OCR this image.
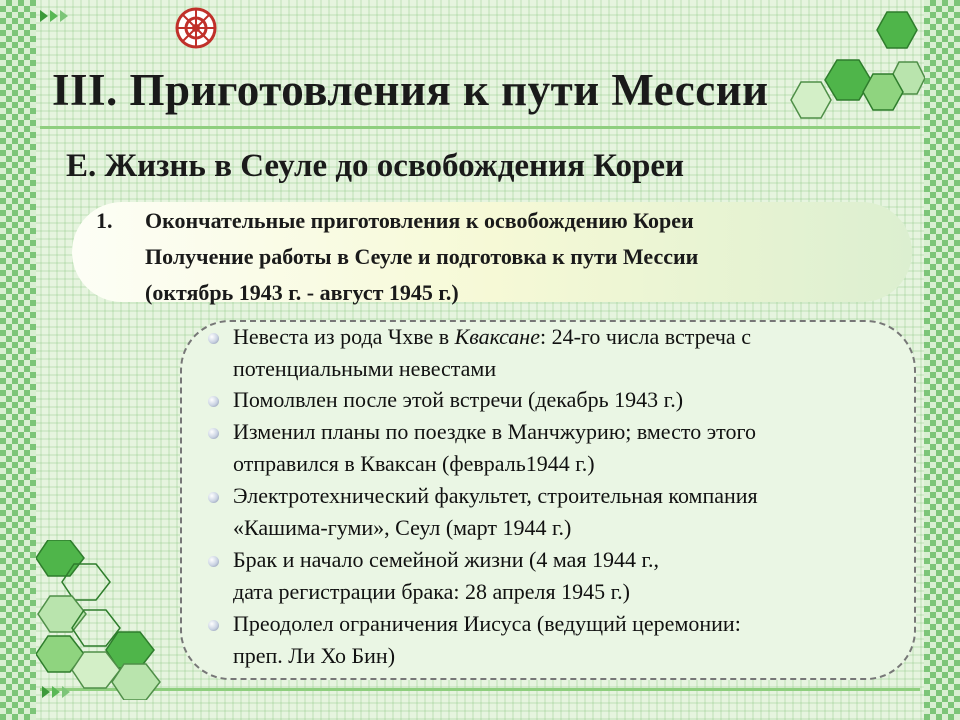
III. Приготовления к пути Мессии
Е. Жизнь в Сеуле до освобождения Кореи
1. Окончательные приготовления к освобождению Кореи
Получение работы в Сеуле и подготовка к пути Мессии
(октябрь 1943 г. - август 1945 г.)
Невеста из рода Чхве в Кваксане: 24-го числа встреча с
потенциальными невестами
Помолвлен после этой встречи (декабрь 1943 г.)
Изменил планы по поездке в Манчжурию; вместо этого
отправился в Кваксан (февраль1944 г.)
Электротехнический факультет, строительная компания
«Кашима-гуми», Сеул (март 1944 г.)
Брак и начало семейной жизни (4 мая 1944 г.,
дата регистрации брака: 28 апреля 1945 г.)
Преодолел ограничения Иисуса (ведущий церемонии:
преп. Ли Хо Бин)
